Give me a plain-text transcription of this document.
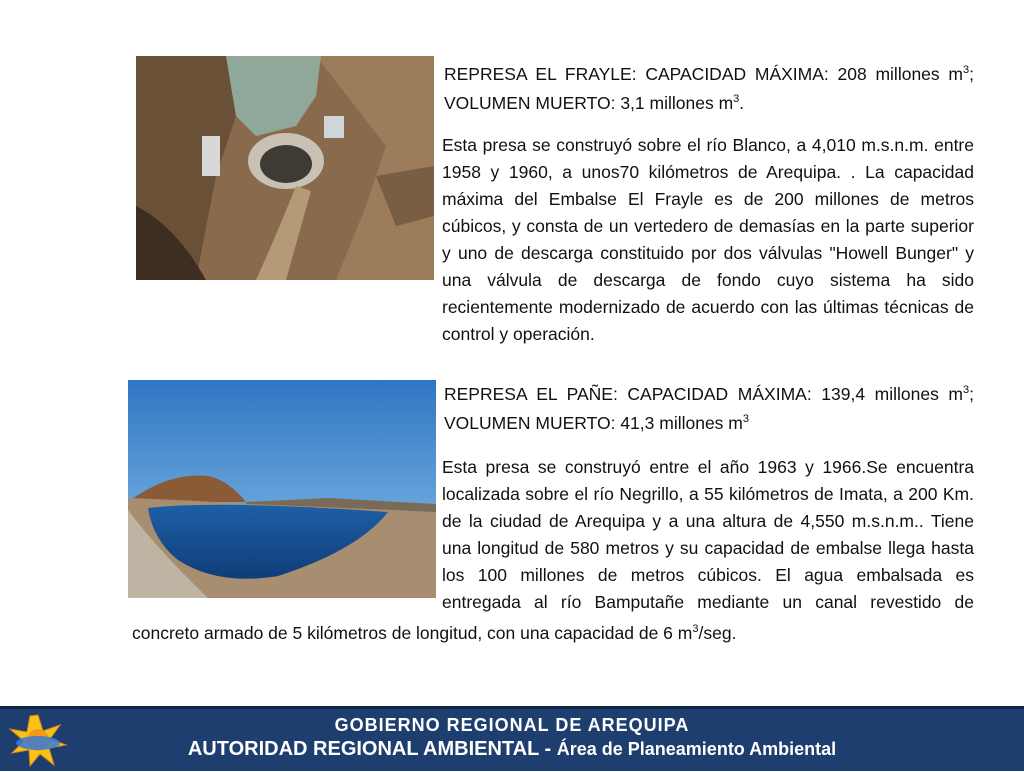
REPRESA EL FRAYLE: CAPACIDAD MÁXIMA: 208 millones $m^3$; VOLUMEN MUERTO: 3,1 millones $m^3$.

Esta presa se construyó sobre el río Blanco, a 4,010 m.s.n.m. entre 1958 y 1960, a unos70 kilómetros de Arequipa. . La capacidad máxima del Embalse El Frayle es de 200 millones de metros cúbicos, y consta de un vertedero de demasías en la parte superior y uno de descarga constituido por dos válvulas "Howell Bunger" y una válvula de descarga de fondo cuyo sistema ha sido recientemente modernizado de acuerdo con las últimas técnicas de control y operación.

REPRESA EL PAÑE: CAPACIDAD MÁXIMA: 139,4 millones $m^3$; VOLUMEN MUERTO: 41,3 millones $m^3$

Esta presa se construyó entre el año 1963 y 1966.Se encuentra localizada sobre el río Negrillo, a 55 kilómetros de Imata, a 200 Km. de la ciudad de Arequipa y a una altura de 4,550 m.s.n.m.. Tiene una longitud de 580 metros y su capacidad de embalse llega hasta los 100 millones de metros cúbicos. El agua embalsada es entregada al río Bamputañe mediante un canal revestido de concreto armado de 5 kilómetros de longitud, con una capacidad de 6 $m^3$/seg.
GOBIERNO REGIONAL DE AREQUIPA
AUTORIDAD REGIONAL AMBIENTAL - Área de Planeamiento Ambiental
